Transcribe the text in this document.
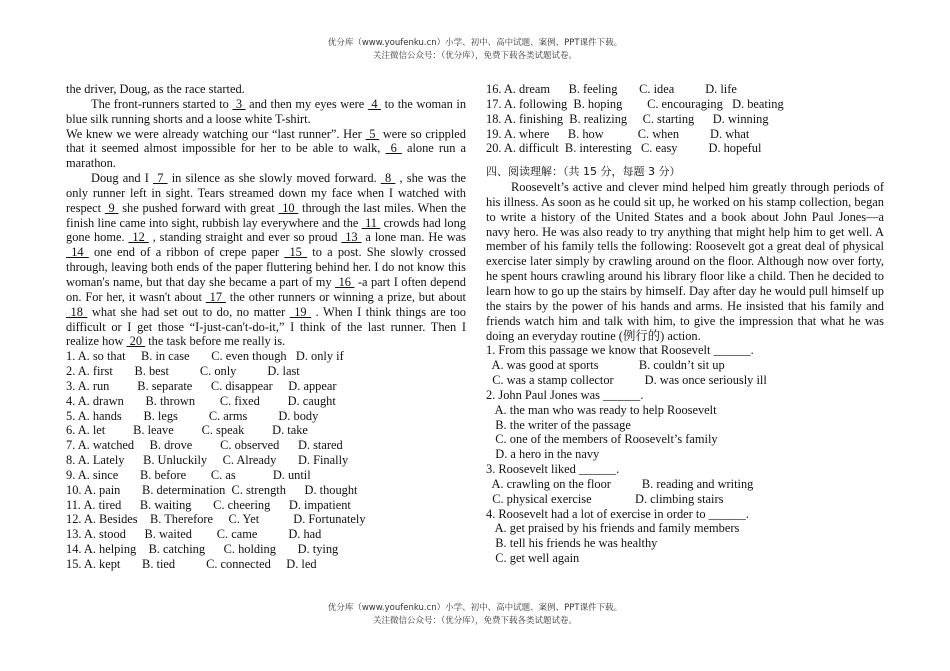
优分库（www.youfenku.cn）小学、初中、高中试题、案例、PPT课件下载。
关注微信公众号：（优分库），免费下载各类试题试卷。

the driver, Doug, as the race started.

The front-runners started to  3  and then my eyes were  4  to the woman in blue silk running shorts and a loose white T-shirt.

We knew we were already watching our “last runner”. Her  5  were so crippled that it seemed almost impossible for her to be able to walk,  6  alone run a marathon.

Doug and I  7  in silence as she slowly moved forward.  8  , she was the only runner left in sight. Tears streamed down my face when I watched with respect  9  she pushed forward with great  10  through the last miles. When the finish line came into sight, rubbish lay everywhere and the  11  crowds had long gone home.  12  , standing straight and ever so proud  13  a lone man. He was  14  one end of a ribbon of crepe paper  15  to a post. She slowly crossed through, leaving both ends of the paper fluttering behind her. I do not know this woman's name, but that day she became a part of my  16  -a part I often depend on. For her, it wasn't about  17  the other runners or winning a prize, but about  18  what she had set out to do, no matter  19  . When I think things are too difficult or I get those “I-just-can't-do-it,” I think of the last runner. Then I realize how  20  the task before me really is.

1. A. so that     B. in case       C. even though   D. only if
2. A. first       B. best          C. only          D. last
3. A. run         B. separate      C. disappear     D. appear
4. A. drawn       B. thrown        C. fixed         D. caught
5. A. hands       B. legs          C. arms          D. body
6. A. let         B. leave         C. speak         D. take
7. A. watched     B. drove         C. observed      D. stared
8. A. Lately      B. Unluckily     C. Already       D. Finally
9. A. since       B. before        C. as            D. until
10. A. pain       B. determination  C. strength      D. thought
11. A. tired      B. waiting       C. cheering      D. impatient
12. A. Besides    B. Therefore     C. Yet           D. Fortunately
13. A. stood      B. waited        C. came          D. had
14. A. helping    B. catching      C. holding       D. tying
15. A. kept       B. tied          C. connected     D. led
16. A. dream      B. feeling       C. idea          D. life
17. A. following  B. hoping        C. encouraging   D. beating
18. A. finishing  B. realizing     C. starting      D. winning
19. A. where      B. how           C. when          D. what
20. A. difficult  B. interesting   C. easy          D. hopeful
四、阅读理解：（共 15 分，每题 3 分）

Roosevelt’s active and clever mind helped him greatly through periods of his illness. As soon as he could sit up, he worked on his stamp collection, began to write a history of the United States and a book about John Paul Jones—a navy hero. He was also ready to try anything that might help him to get well. A member of his family tells the following: Roosevelt got a great deal of physical exercise later simply by crawling around on the floor. Although now over forty, he spent hours crawling around his library floor like a child. Then he decided to learn how to go up the stairs by himself. Day after day he would pull himself up the stairs by the power of his hands and arms. He insisted that his family and friends watch him and talk with him, to give the impression that what he was doing an everyday routine (例行的) action.

1. From this passage we know that Roosevelt ______.
A. was good at sports             B. couldn’t sit up
C. was a stamp collector          D. was once seriously ill
2. John Paul Jones was ______.
A. the man who was ready to help Roosevelt
B. the writer of the passage
C. one of the members of Roosevelt’s family
D. a hero in the navy
3. Roosevelt liked ______.
A. crawling on the floor          B. reading and writing
C. physical exercise              D. climbing stairs
4. Roosevelt had a lot of exercise in order to ______.
A. get praised by his friends and family members
B. tell his friends he was healthy
C. get well again
优分库（www.youfenku.cn）小学、初中、高中试题、案例、PPT课件下载。
关注微信公众号：（优分库），免费下载各类试题试卷。
